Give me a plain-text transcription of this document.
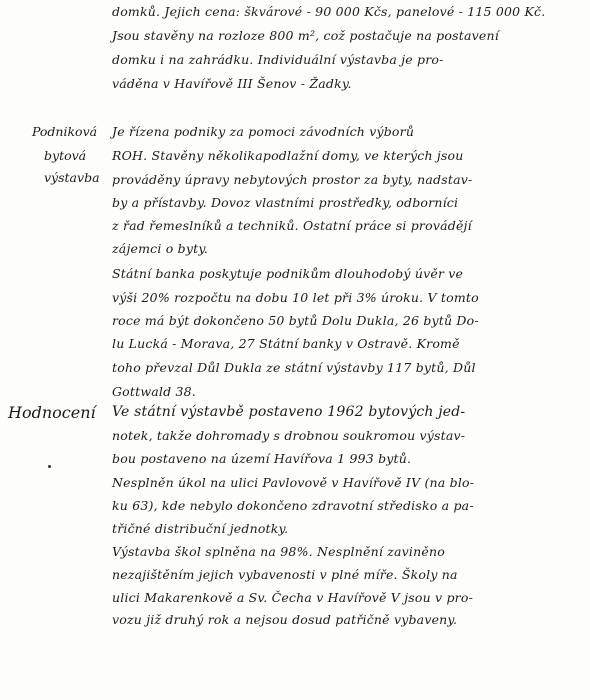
domků. Jejich cena: škvárové - 90 000 Kčs, panelové - 115 000 Kč.
Jsou stavěny na rozloze 800 m², což postačuje na postavení
domku i na zahrádku. Individuální výstavba je pro-
váděna v Havířově III Šenov - Žadky.
Podniková
bytová
výstavba
Je řízena podniky za pomoci závodních výborů
ROH. Stavěny několikapodlažní domy, ve kterých jsou
prováděny úpravy nebytových prostor za byty, nadstav-
by a přístavby. Dovoz vlastními prostředky, odborníci
z řad řemeslníků a techniků. Ostatní práce si provádějí
zájemci o byty.
Státní banka poskytuje podnikům dlouhodobý úvěr ve
výši 20% rozpočtu na dobu 10 let při 3% úroku. V tomto
roce má být dokončeno 50 bytů Dolu Dukla, 26 bytů Do-
lu Lucká - Morava, 27 Státní banky v Ostravě. Kromě
toho převzal Důl Dukla ze státní výstavby 117 bytů, Důl
Gottwald 38.
Hodnocení Ve státní výstavbě postaveno 1962 bytových jed-
notek, takže dohromady s drobnou soukromou výstav-
bou postaveno na území Havířova 1 993 bytů.
Nesplněn úkol na ulici Pavlovově v Havířově IV (na blo-
ku 63), kde nebylo dokončeno zdravotní středisko a pa-
třičné distribuční jednotky.
Výstavba škol splněna na 98%. Nesplnění zaviněno
nezajištěním jejich vybavenosti v plné míře. Školy na
ulici Makarenkově a Sv. Čecha v Havířově V jsou v pro-
vozu již druhý rok a nejsou dosud patřičně vybaveny.
